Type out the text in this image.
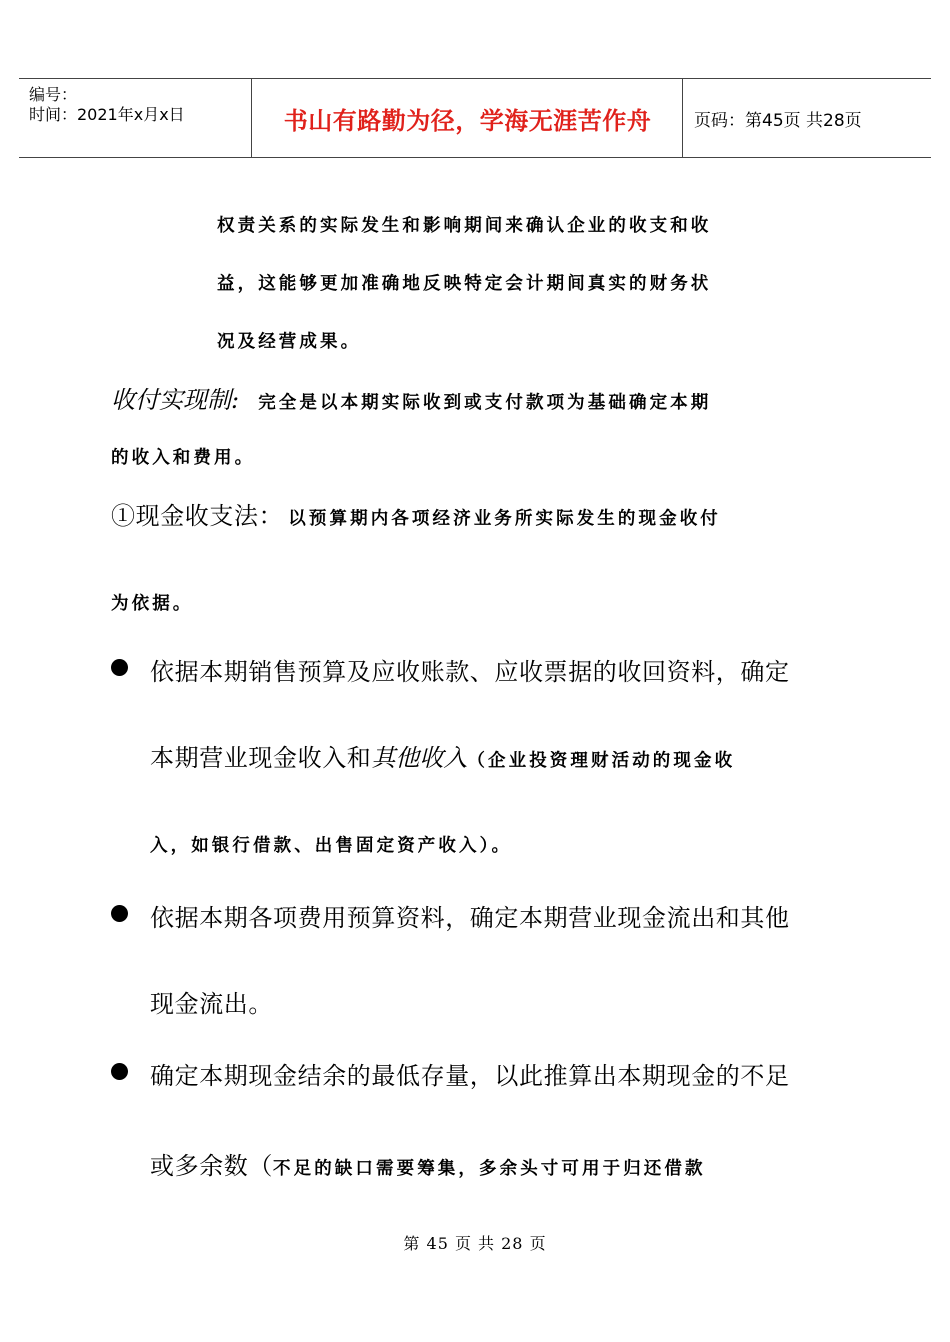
编号：
时间：2021年x月x日	书山有路勤为径，学海无涯苦作舟	页码：第45页 共28页
权责关系的实际发生和影响期间来确认企业的收支和收
益，这能够更加准确地反映特定会计期间真实的财务状
况及经营成果。
收付实现制: 完全是以本期实际收到或支付款项为基础确定本期
的收入和费用。
①现金收支法： 以预算期内各项经济业务所实际发生的现金收付
为依据。
依据本期销售预算及应收账款、应收票据的收回资料，确定
本期营业现金收入和其他收入（企业投资理财活动的现金收
入，如银行借款、出售固定资产收入）。
依据本期各项费用预算资料，确定本期营业现金流出和其他
现金流出。
确定本期现金结余的最低存量，以此推算出本期现金的不足
或多余数（不足的缺口需要筹集，多余头寸可用于归还借款
第 45 页 共 28 页
